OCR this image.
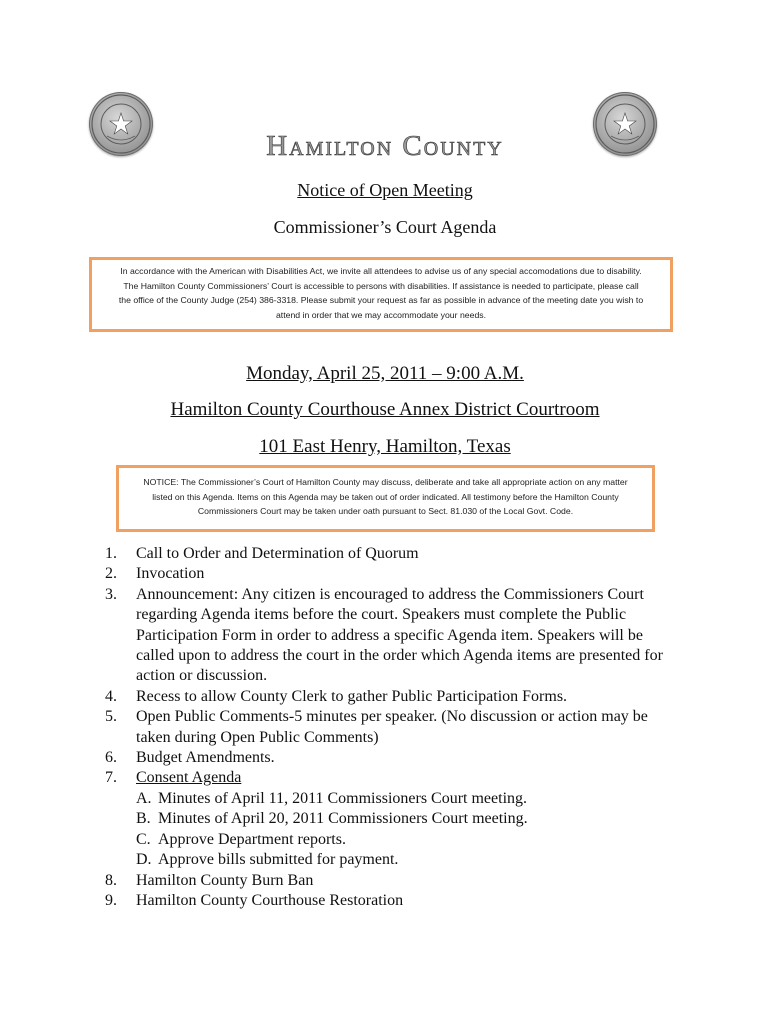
Hamilton County
Notice of Open Meeting
Commissioner’s Court Agenda
In accordance with the American with Disabilities Act, we invite all attendees to advise us of any special accomodations due to disability.
The Hamilton County Commissioners’ Court is accessible to persons with disabilities. If assistance is needed to participate, please call
the office of the County Judge (254) 386-3318. Please submit your request as far as possible in advance of the meeting date you wish to
attend in order that we may accommodate your needs.
Monday, April 25, 2011 – 9:00 A.M.
Hamilton County Courthouse Annex District Courtroom
101 East Henry, Hamilton, Texas
NOTICE: The Commissioner’s Court of Hamilton County may discuss, deliberate and take all appropriate action on any matter
listed on this Agenda. Items on this Agenda may be taken out of order indicated. All testimony before the Hamilton County
Commissioners Court may be taken under oath pursuant to Sect. 81.030 of the Local Govt. Code.
1.	Call to Order and Determination of Quorum
2.	Invocation
3.	Announcement: Any citizen is encouraged to address the Commissioners Court regarding Agenda items before the court. Speakers must complete the Public Participation Form in order to address a specific Agenda item. Speakers will be called upon to address the court in the order which Agenda items are presented for action or discussion.
4.	Recess to allow County Clerk to gather Public Participation Forms.
5.	Open Public Comments-5 minutes per speaker. (No discussion or action may be taken during Open Public Comments)
6.	Budget Amendments.
7.	Consent Agenda
A. Minutes of April 11, 2011 Commissioners Court meeting.
B. Minutes of April 20, 2011 Commissioners Court meeting.
C. Approve Department reports.
D. Approve bills submitted for payment.
8.	Hamilton County Burn Ban
9.	Hamilton County Courthouse Restoration
